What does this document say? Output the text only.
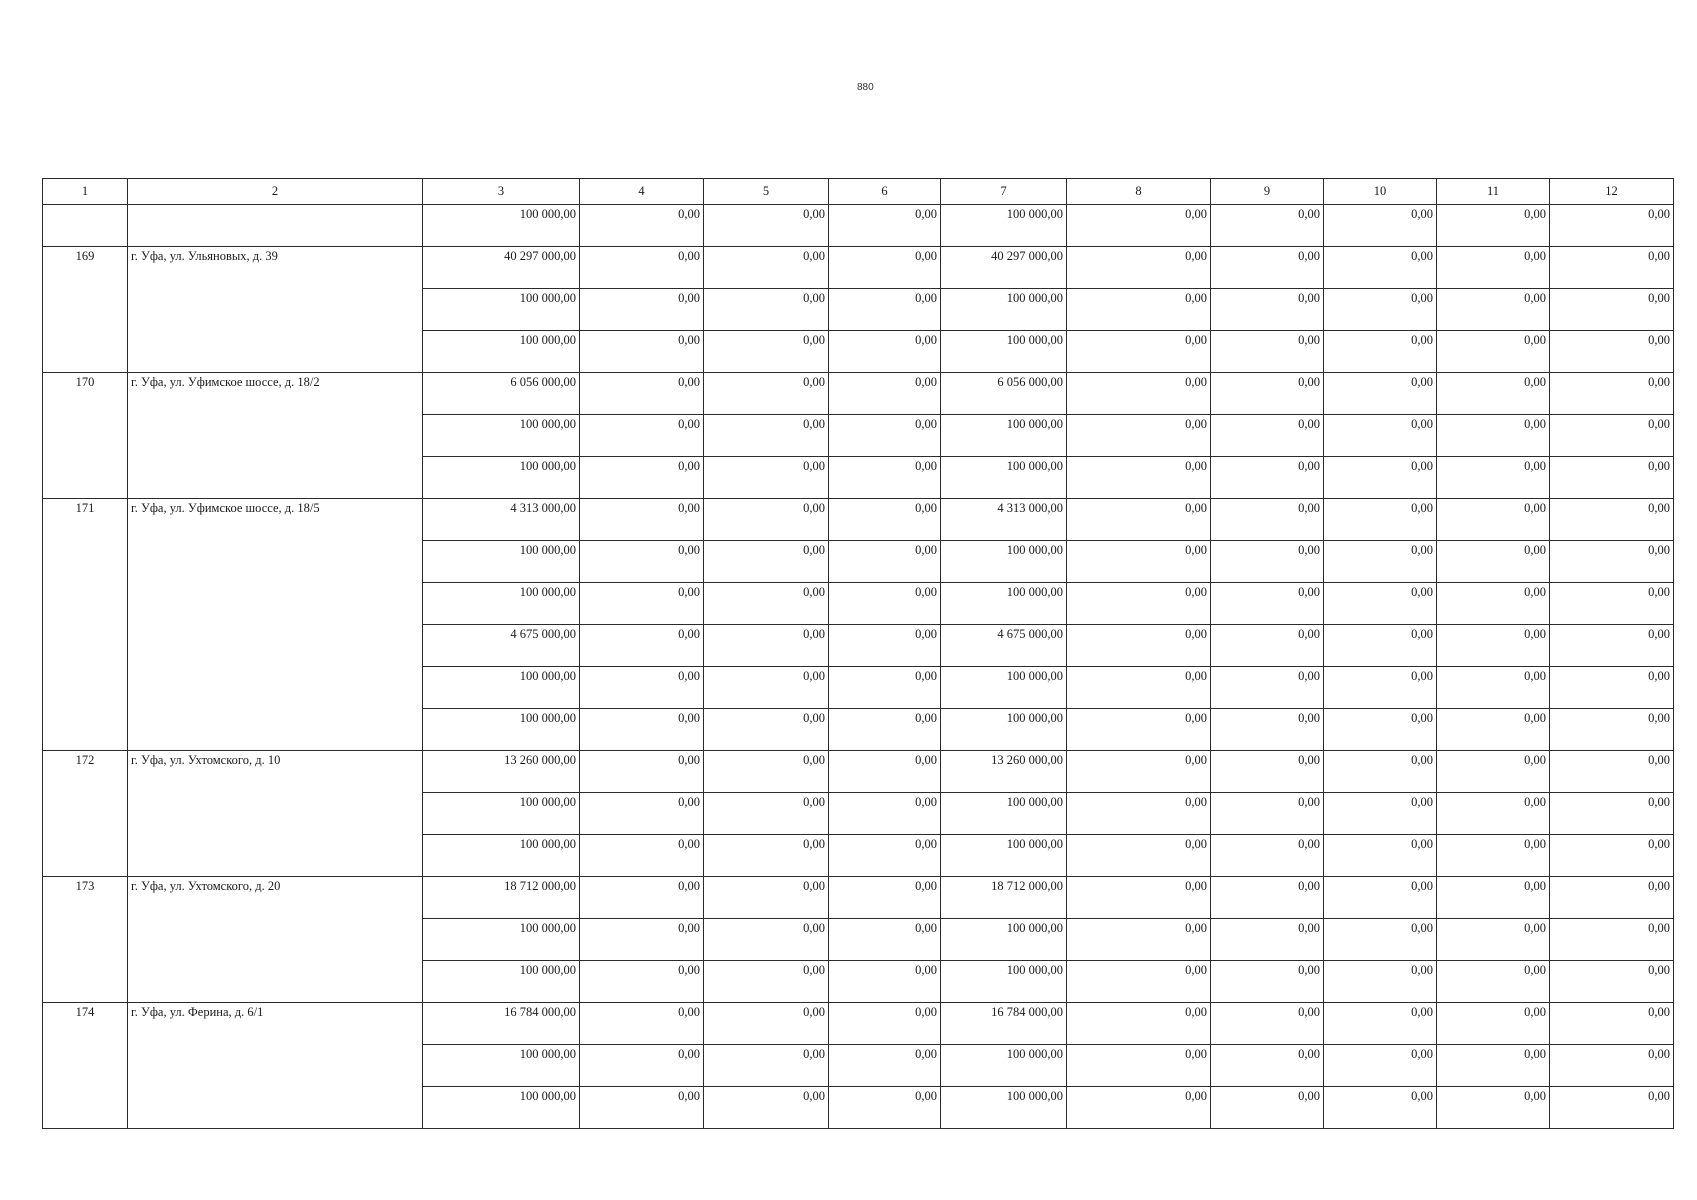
880
1	2	3	4	5	6	7	8	9	10	11	12
		100 000,00	0,00	0,00	0,00	100 000,00	0,00	0,00	0,00	0,00	0,00
169	г. Уфа, ул. Ульяновых, д. 39	40 297 000,00	0,00	0,00	0,00	40 297 000,00	0,00	0,00	0,00	0,00	0,00
		100 000,00	0,00	0,00	0,00	100 000,00	0,00	0,00	0,00	0,00	0,00
		100 000,00	0,00	0,00	0,00	100 000,00	0,00	0,00	0,00	0,00	0,00
170	г. Уфа, ул. Уфимское шоссе, д. 18/2	6 056 000,00	0,00	0,00	0,00	6 056 000,00	0,00	0,00	0,00	0,00	0,00
		100 000,00	0,00	0,00	0,00	100 000,00	0,00	0,00	0,00	0,00	0,00
		100 000,00	0,00	0,00	0,00	100 000,00	0,00	0,00	0,00	0,00	0,00
171	г. Уфа, ул. Уфимское шоссе, д. 18/5	4 313 000,00	0,00	0,00	0,00	4 313 000,00	0,00	0,00	0,00	0,00	0,00
		100 000,00	0,00	0,00	0,00	100 000,00	0,00	0,00	0,00	0,00	0,00
		100 000,00	0,00	0,00	0,00	100 000,00	0,00	0,00	0,00	0,00	0,00
		4 675 000,00	0,00	0,00	0,00	4 675 000,00	0,00	0,00	0,00	0,00	0,00
		100 000,00	0,00	0,00	0,00	100 000,00	0,00	0,00	0,00	0,00	0,00
		100 000,00	0,00	0,00	0,00	100 000,00	0,00	0,00	0,00	0,00	0,00
172	г. Уфа, ул. Ухтомского, д. 10	13 260 000,00	0,00	0,00	0,00	13 260 000,00	0,00	0,00	0,00	0,00	0,00
		100 000,00	0,00	0,00	0,00	100 000,00	0,00	0,00	0,00	0,00	0,00
		100 000,00	0,00	0,00	0,00	100 000,00	0,00	0,00	0,00	0,00	0,00
173	г. Уфа, ул. Ухтомского, д. 20	18 712 000,00	0,00	0,00	0,00	18 712 000,00	0,00	0,00	0,00	0,00	0,00
		100 000,00	0,00	0,00	0,00	100 000,00	0,00	0,00	0,00	0,00	0,00
		100 000,00	0,00	0,00	0,00	100 000,00	0,00	0,00	0,00	0,00	0,00
174	г. Уфа, ул. Ферина, д. 6/1	16 784 000,00	0,00	0,00	0,00	16 784 000,00	0,00	0,00	0,00	0,00	0,00
		100 000,00	0,00	0,00	0,00	100 000,00	0,00	0,00	0,00	0,00	0,00
		100 000,00	0,00	0,00	0,00	100 000,00	0,00	0,00	0,00	0,00	0,00
